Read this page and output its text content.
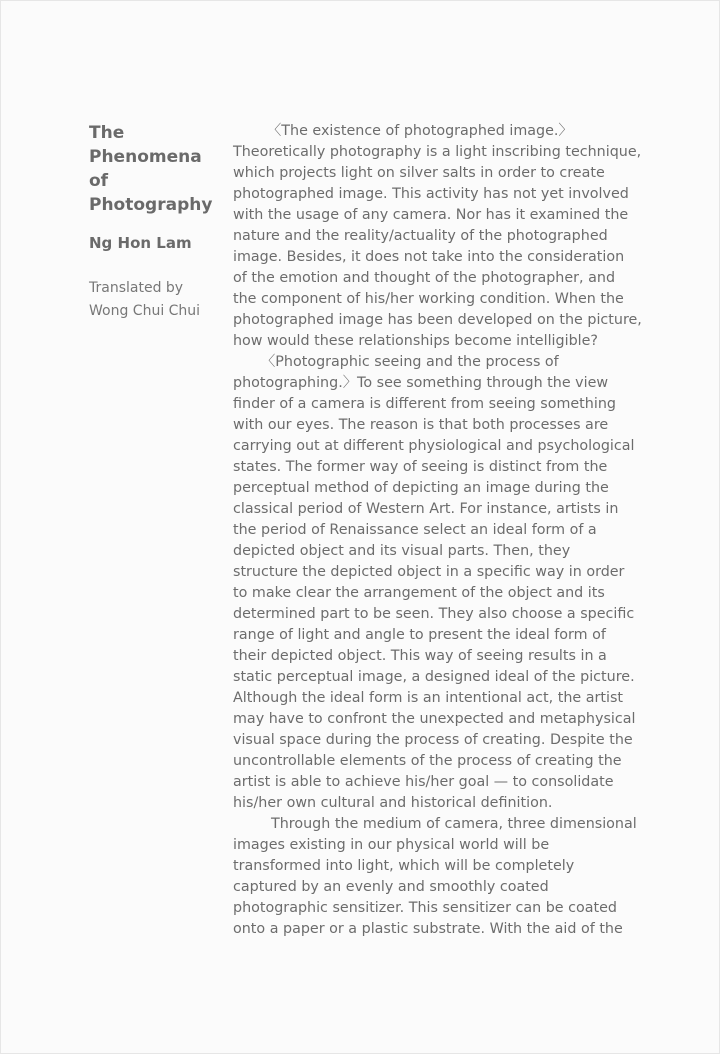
The
Phenomena
of
Photography
Ng Hon Lam
Translated by
Wong Chui Chui
〈The existence of photographed image.〉
Theoretically photography is a light inscribing technique,
which projects light on silver salts in order to create
photographed image. This activity has not yet involved
with the usage of any camera. Nor has it examined the
nature and the reality/actuality of the photographed
image. Besides, it does not take into the consideration
of the emotion and thought of the photographer, and
the component of his/her working condition. When the
photographed image has been developed on the picture,
how would these relationships become intelligible?
〈Photographic seeing and the process of
photographing.〉To see something through the view
finder of a camera is different from seeing something
with our eyes. The reason is that both processes are
carrying out at different physiological and psychological
states. The former way of seeing is distinct from the
perceptual method of depicting an image during the
classical period of Western Art. For instance, artists in
the period of Renaissance select an ideal form of a
depicted object and its visual parts. Then, they
structure the depicted object in a specific way in order
to make clear the arrangement of the object and its
determined part to be seen. They also choose a specific
range of light and angle to present the ideal form of
their depicted object. This way of seeing results in a
static perceptual image, a designed ideal of the picture.
Although the ideal form is an intentional act, the artist
may have to confront the unexpected and metaphysical
visual space during the process of creating. Despite the
uncontrollable elements of the process of creating the
artist is able to achieve his/her goal — to consolidate
his/her own cultural and historical definition.
Through the medium of camera, three dimensional
images existing in our physical world will be
transformed into light, which will be completely
captured by an evenly and smoothly coated
photographic sensitizer. This sensitizer can be coated
onto a paper or a plastic substrate. With the aid of the
